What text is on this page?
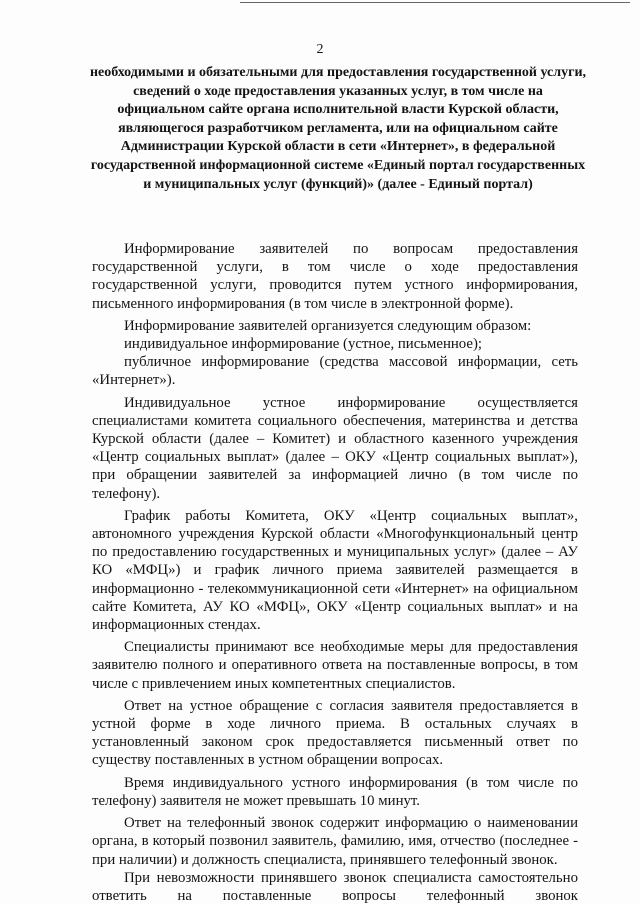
2
необходимыми и обязательными для предоставления государственной услуги, сведений о ходе предоставления указанных услуг, в том числе на официальном сайте органа исполнительной власти Курской области, являющегося разработчиком регламента, или на официальном сайте Администрации Курской области в сети «Интернет», в федеральной государственной информационной системе «Единый портал государственных и муниципальных услуг (функций)» (далее - Единый портал)

Информирование заявителей по вопросам предоставления государственной услуги, в том числе о ходе предоставления государственной услуги, проводится путем устного информирования, письменного информирования (в том числе в электронной форме).

Информирование заявителей организуется следующим образом:

индивидуальное информирование (устное, письменное);

публичное информирование (средства массовой информации, сеть «Интернет»).

Индивидуальное устное информирование осуществляется специалистами комитета социального обеспечения, материнства и детства Курской области (далее – Комитет) и областного казенного учреждения «Центр социальных выплат» (далее – ОКУ «Центр социальных выплат»), при обращении заявителей за информацией лично (в том числе по телефону).

График работы Комитета, ОКУ «Центр социальных выплат», автономного учреждения Курской области «Многофункциональный центр по предоставлению государственных и муниципальных услуг» (далее – АУ КО «МФЦ») и график личного приема заявителей размещается в информационно - телекоммуникационной сети «Интернет» на официальном сайте Комитета, АУ КО «МФЦ», ОКУ «Центр социальных выплат» и на информационных стендах.

Специалисты принимают все необходимые меры для предоставления заявителю полного и оперативного ответа на поставленные вопросы, в том числе с привлечением иных компетентных специалистов.

Ответ на устное обращение с согласия заявителя предоставляется в устной форме в ходе личного приема. В остальных случаях в установленный законом срок предоставляется письменный ответ по существу поставленных в устном обращении вопросах.

Время индивидуального устного информирования (в том числе по телефону) заявителя не может превышать 10 минут.

Ответ на телефонный звонок содержит информацию о наименовании органа, в который позвонил заявитель, фамилию, имя, отчество (последнее - при наличии) и должность специалиста, принявшего телефонный звонок.

При невозможности принявшего звонок специалиста самостоятельно ответить на поставленные вопросы телефонный звонок
